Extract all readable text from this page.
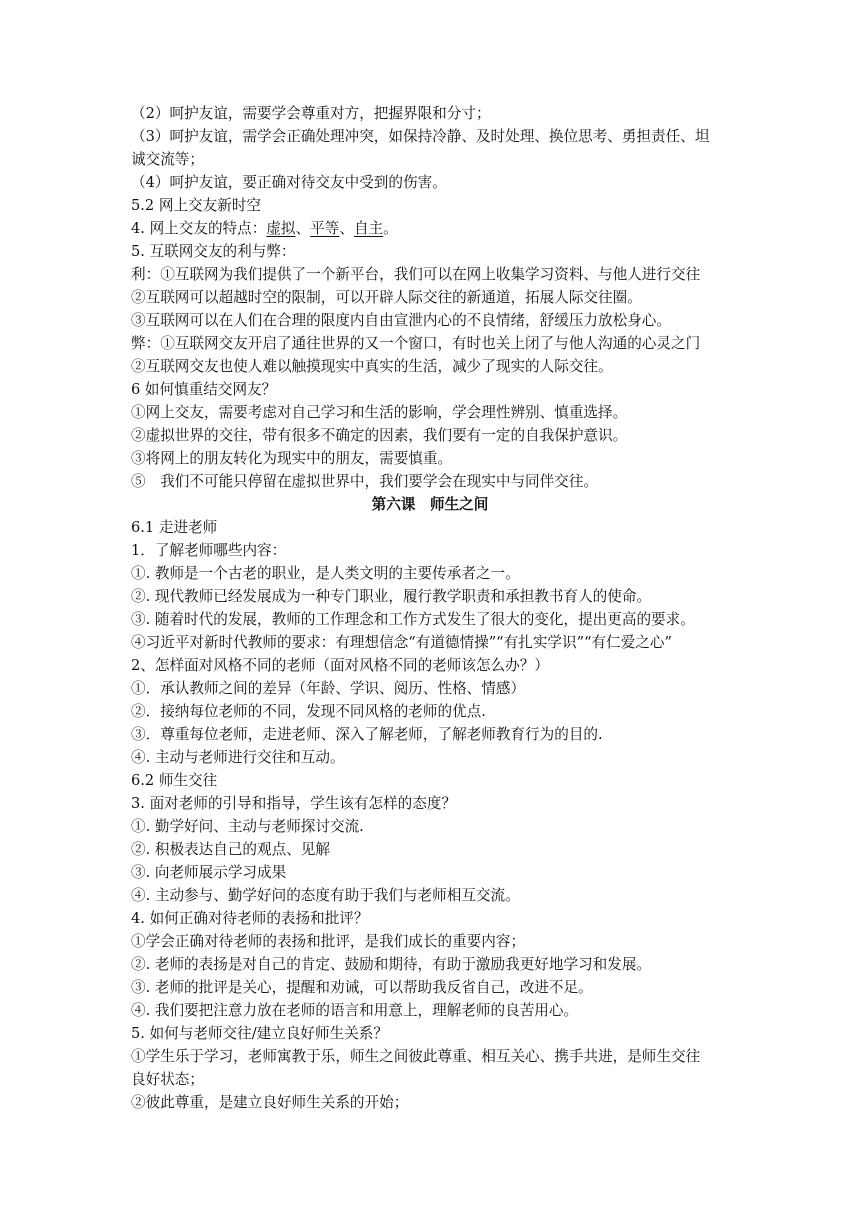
（2）呵护友谊，需要学会尊重对方，把握界限和分寸；
（3）呵护友谊，需学会正确处理冲突，如保持冷静、及时处理、换位思考、勇担责任、坦
诚交流等；
（4）呵护友谊，要正确对待交友中受到的伤害。
5.2 网上交友新时空
4. 网上交友的特点：虚拟、平等、自主。
5. 互联网交友的利与弊：
利：①互联网为我们提供了一个新平台，我们可以在网上收集学习资料、与他人进行交往
②互联网可以超越时空的限制，可以开辟人际交往的新通道，拓展人际交往圈。
③互联网可以在人们在合理的限度内自由宣泄内心的不良情绪，舒缓压力放松身心。
弊：①互联网交友开启了通往世界的又一个窗口，有时也关上闭了与他人沟通的心灵之门
②互联网交友也使人难以触摸现实中真实的生活，减少了现实的人际交往。
6 如何慎重结交网友？
①网上交友，需要考虑对自己学习和生活的影响，学会理性辨别、慎重选择。
②虚拟世界的交往，带有很多不确定的因素，我们要有一定的自我保护意识。
③将网上的朋友转化为现实中的朋友，需要慎重。
⑤　我们不可能只停留在虚拟世界中，我们要学会在现实中与同伴交往。
第六课　师生之间
6.1 走进老师
1．了解老师哪些内容：
①. 教师是一个古老的职业，是人类文明的主要传承者之一。
②. 现代教师已经发展成为一种专门职业，履行教学职责和承担教书育人的使命。
③. 随着时代的发展，教师的工作理念和工作方式发生了很大的变化，提出更高的要求。
④习近平对新时代教师的要求：有理想信念“有道德情操”“有扎实学识”“有仁爱之心”
2、怎样面对风格不同的老师（面对风格不同的老师该怎么办？）
①．承认教师之间的差异（年龄、学识、阅历、性格、情感）
②．接纳每位老师的不同，发现不同风格的老师的优点.
③．尊重每位老师，走进老师、深入了解老师，了解老师教育行为的目的.
④. 主动与老师进行交往和互动。
6.2 师生交往
3. 面对老师的引导和指导，学生该有怎样的态度？
①. 勤学好问、主动与老师探讨交流.
②. 积极表达自己的观点、见解
③. 向老师展示学习成果
④. 主动参与、勤学好问的态度有助于我们与老师相互交流。
4. 如何正确对待老师的表扬和批评？
①学会正确对待老师的表扬和批评，是我们成长的重要内容；
②. 老师的表扬是对自己的肯定、鼓励和期待，有助于激励我更好地学习和发展。
③. 老师的批评是关心，提醒和劝诫，可以帮助我反省自己，改进不足。
④. 我们要把注意力放在老师的语言和用意上，理解老师的良苦用心。
5. 如何与老师交往/建立良好师生关系？
①学生乐于学习，老师寓教于乐，师生之间彼此尊重、相互关心、携手共进，是师生交往
良好状态；
②彼此尊重，是建立良好师生关系的开始；
